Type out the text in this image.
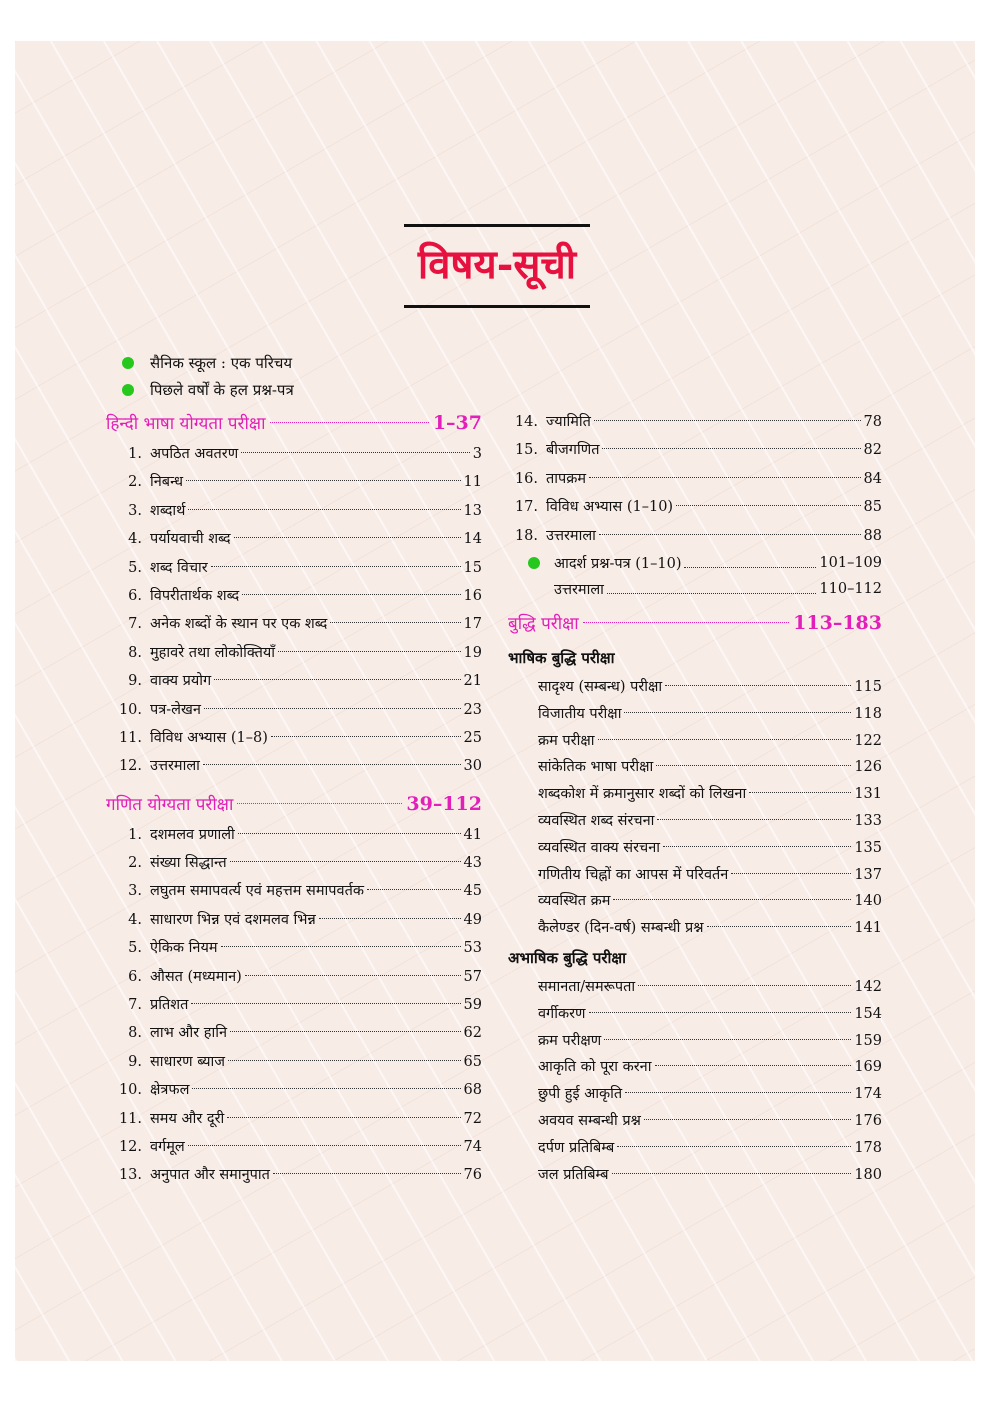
विषय-सूची
सैनिक स्कूल : एक परिचय
पिछले वर्षों के हल प्रश्न-पत्र
हिन्दी भाषा योग्यता परीक्षा	1–37
1. अपठित अवतरण	3
2. निबन्ध	11
3. शब्दार्थ	13
4. पर्यायवाची शब्द	14
5. शब्द विचार	15
6. विपरीतार्थक शब्द	16
7. अनेक शब्दों के स्थान पर एक शब्द	17
8. मुहावरे तथा लोकोक्तियाँ	19
9. वाक्य प्रयोग	21
10. पत्र-लेखन	23
11. विविध अभ्यास (1–8)	25
12. उत्तरमाला	30
गणित योग्यता परीक्षा	39–112
1. दशमलव प्रणाली	41
2. संख्या सिद्धान्त	43
3. लघुतम समापवर्त्य एवं महत्तम समापवर्तक	45
4. साधारण भिन्न एवं दशमलव भिन्न	49
5. ऐकिक नियम	53
6. औसत (मध्यमान)	57
7. प्रतिशत	59
8. लाभ और हानि	62
9. साधारण ब्याज	65
10. क्षेत्रफल	68
11. समय और दूरी	72
12. वर्गमूल	74
13. अनुपात और समानुपात	76
14. ज्यामिति	78
15. बीजगणित	82
16. तापक्रम	84
17. विविध अभ्यास (1–10)	85
18. उत्तरमाला	88
आदर्श प्रश्न-पत्र (1–10)	101–109
उत्तरमाला	110–112
बुद्धि परीक्षा	113–183
भाषिक बुद्धि परीक्षा
सादृश्य (सम्बन्ध) परीक्षा	115
विजातीय परीक्षा	118
क्रम परीक्षा	122
सांकेतिक भाषा परीक्षा	126
शब्दकोश में क्रमानुसार शब्दों को लिखना	131
व्यवस्थित शब्द संरचना	133
व्यवस्थित वाक्य संरचना	135
गणितीय चिह्नों का आपस में परिवर्तन	137
व्यवस्थित क्रम	140
कैलेण्डर (दिन-वर्ष) सम्बन्धी प्रश्न	141
अभाषिक बुद्धि परीक्षा
समानता/समरूपता	142
वर्गीकरण	154
क्रम परीक्षण	159
आकृति को पूरा करना	169
छुपी हुई आकृति	174
अवयव सम्बन्धी प्रश्न	176
दर्पण प्रतिबिम्ब	178
जल प्रतिबिम्ब	180
